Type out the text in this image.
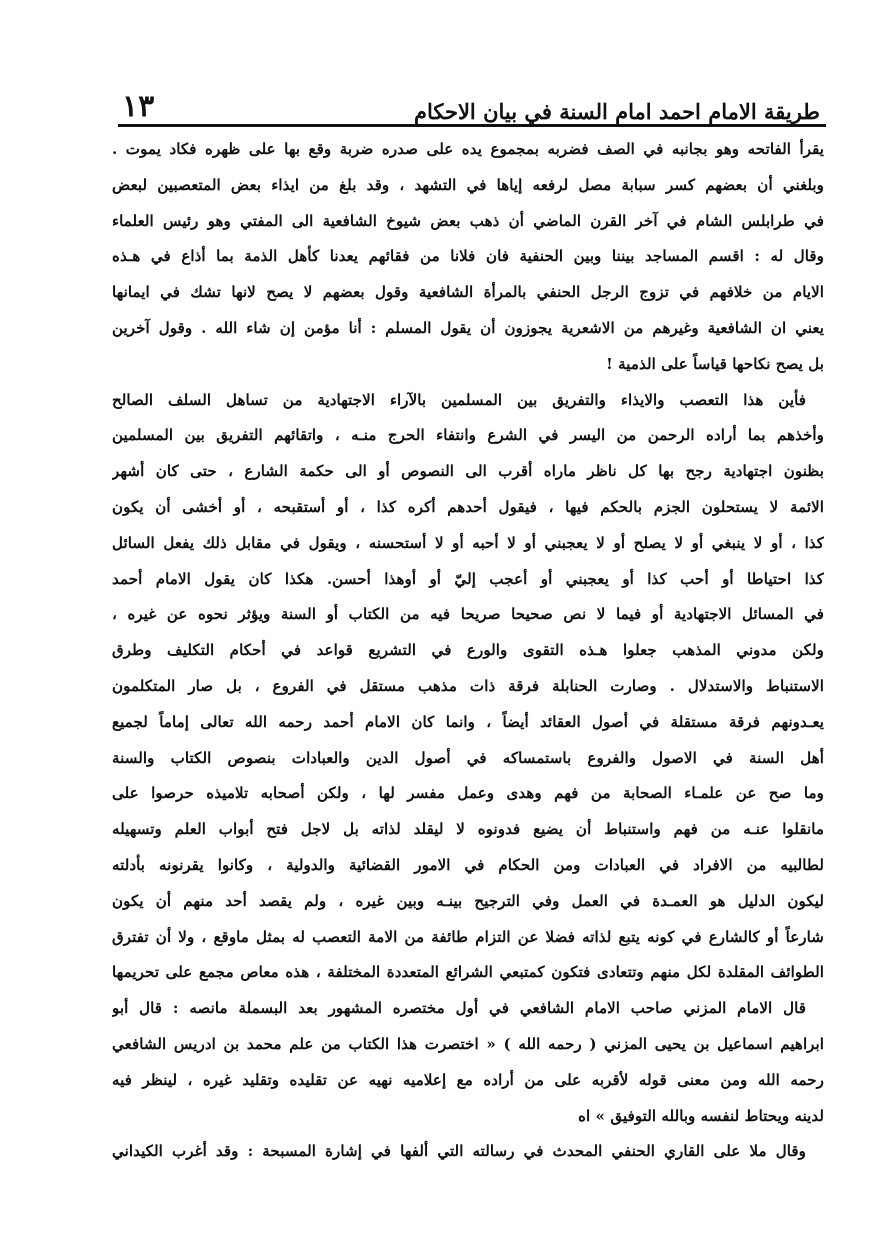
طريقة الامام احمد امام السنة في بيان الاحكام
١٣
يقرأ الفاتحه وهو بجانبه في الصف فضربه بمجموع يده على صدره ضربة وقع بها على ظهره فكاد يموت .
وبلغني أن بعضهم كسر سبابة مصل لرفعه إياها في التشهد ، وقد بلغ من ايذاء بعض المتعصبين لبعض
في طرابلس الشام في آخر القرن الماضي أن ذهب بعض شيوخ الشافعية الى المفتي وهو رئيس العلماء
وقال له : اقسم المساجد بيننا وبين الحنفية فان فلانا من فقائهم يعدنا كأهل الذمة بما أذاع في هـذه
الايام من خلافهم في تزوج الرجل الحنفي بالمرأة الشافعية وقول بعضهم لا يصح لانها تشك في ايمانها
يعني ان الشافعية وغيرهم من الاشعرية يجوزون أن يقول المسلم : أنا مؤمن إن شاء الله . وقول آخرين
بل يصح نكاحها قياساً على الذمية !
فأين هذا التعصب والايذاء والتفريق بين المسلمين بالآراء الاجتهادية من تساهل السلف الصالح
وأخذهم بما أراده الرحمن من اليسر في الشرع وانتفاء الحرج منـه ، واتقائهم التفريق بين المسلمين
بظنون اجتهادية رجح بها كل ناظر ماراه أقرب الى النصوص أو الى حكمة الشارع ، حتى كان أشهر
الائمة لا يستحلون الجزم بالحكم فيها ، فيقول أحدهم أكره كذا ، أو أستقبحه ، أو أخشى أن يكون
كذا ، أو لا ينبغي أو لا يصلح أو لا يعجبني أو لا أحبه أو لا أستحسنه ، ويقول في مقابل ذلك يفعل السائل
كذا احتياطا أو أحب كذا أو يعجبني أو أعجب إليّ أو أوهذا أحسن. هكذا كان يقول الامام أحمد
في المسائل الاجتهادية أو فيما لا نص صحيحا صريحا فيه من الكتاب أو السنة ويؤثر نحوه عن غيره ،
ولكن مدوني المذهب جعلوا هـذه التقوى والورع في التشريع قواعد في أحكام التكليف وطرق
الاستنباط والاستدلال . وصارت الحنابلة فرقة ذات مذهب مستقل في الفروع ، بل صار المتكلمون
يعـدونهم فرقة مستقلة في أصول العقائد أيضاً ، وانما كان الامام أحمد رحمه الله تعالى إماماً لجميع
أهل السنة في الاصول والفروع باستمساكه في أصول الدين والعبادات بنصوص الكتاب والسنة
وما صح عن علمـاء الصحابة من فهم وهدى وعمل مفسر لها ، ولكن أصحابه تلاميذه حرصوا على
مانقلوا عنـه من فهم واستنباط أن يضيع فدونوه لا ليقلد لذاته بل لاجل فتح أبواب العلم وتسهيله
لطالبيه من الافراد في العبادات ومن الحكام في الامور القضائية والدولية ، وكانوا يقرنونه بأدلته
ليكون الدليل هو العمـدة في العمل وفي الترجيح بينـه وبين غيره ، ولم يقصد أحد منهم أن يكون
شارعاً أو كالشارع في كونه يتبع لذاته فضلا عن التزام طائفة من الامة التعصب له بمثل ماوقع ، ولا أن تفترق
الطوائف المقلدة لكل منهم وتتعادى فتكون كمتبعي الشرائع المتعددة المختلفة ، هذه معاص مجمع على تحريمها
قال الامام المزني صاحب الامام الشافعي في أول مختصره المشهور بعد البسملة مانصه : قال أبو
ابراهيم اسماعيل بن يحيى المزني ( رحمه الله ) « اختصرت هذا الكتاب من علم محمد بن ادريس الشافعي
رحمه الله ومن معنى قوله لأقربه على من أراده مع إعلاميه نهيه عن تقليده وتقليد غيره ، لينظر فيه
لدينه ويحتاط لنفسه وبالله التوفيق » اه
وقال ملا على القاري الحنفي المحدث في رسالته التي ألفها في إشارة المسبحة : وقد أغرب الكيداني
